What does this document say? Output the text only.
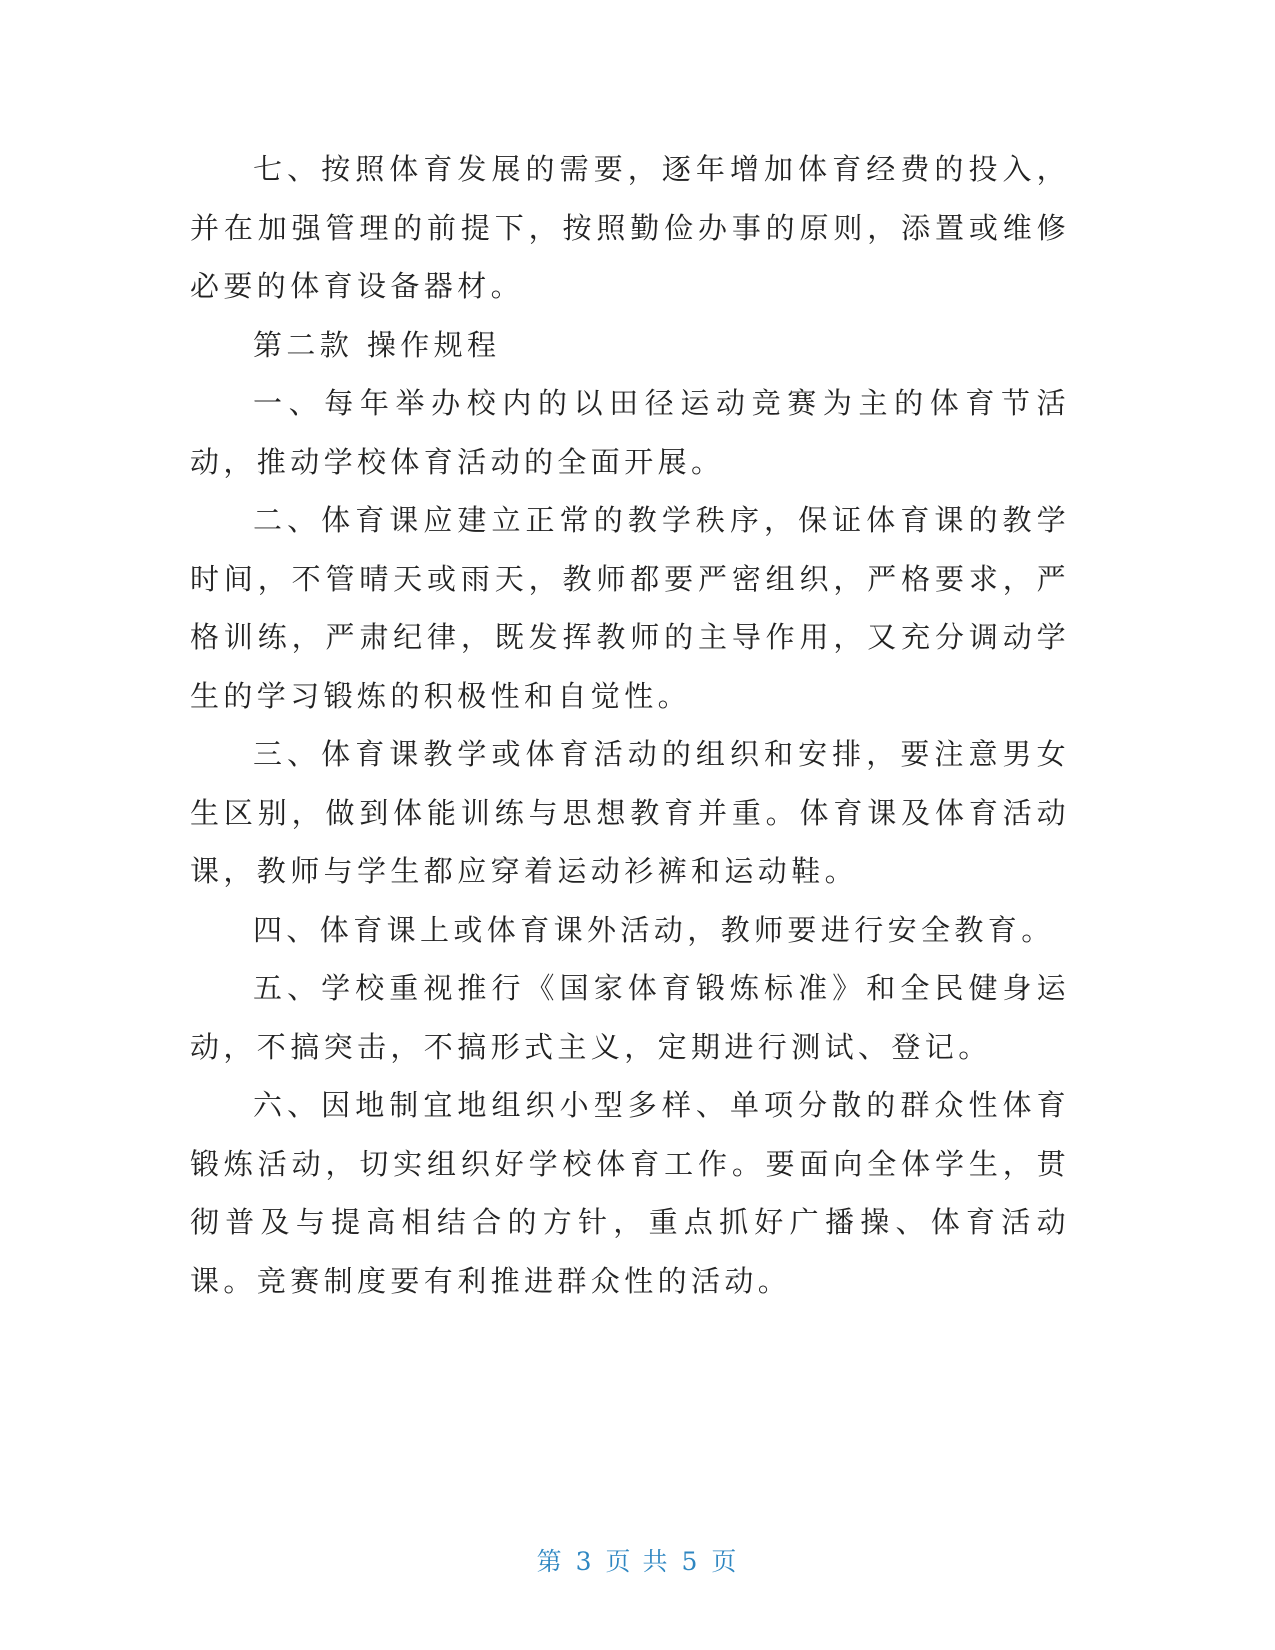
七、按照体育发展的需要，逐年增加体育经费的投入，并在加强管理的前提下，按照勤俭办事的原则，添置或维修必要的体育设备器材。

第二款 操作规程

一、每年举办校内的以田径运动竞赛为主的体育节活动，推动学校体育活动的全面开展。

二、体育课应建立正常的教学秩序，保证体育课的教学时间，不管晴天或雨天，教师都要严密组织，严格要求，严格训练，严肃纪律，既发挥教师的主导作用，又充分调动学生的学习锻炼的积极性和自觉性。

三、体育课教学或体育活动的组织和安排，要注意男女生区别，做到体能训练与思想教育并重。体育课及体育活动课，教师与学生都应穿着运动衫裤和运动鞋。

四、体育课上或体育课外活动，教师要进行安全教育。

五、学校重视推行《国家体育锻炼标准》和全民健身运动，不搞突击，不搞形式主义，定期进行测试、登记。

六、因地制宜地组织小型多样、单项分散的群众性体育锻炼活动，切实组织好学校体育工作。要面向全体学生，贯彻普及与提高相结合的方针，重点抓好广播操、体育活动课。竞赛制度要有利推进群众性的活动。

第 3 页 共 5 页
